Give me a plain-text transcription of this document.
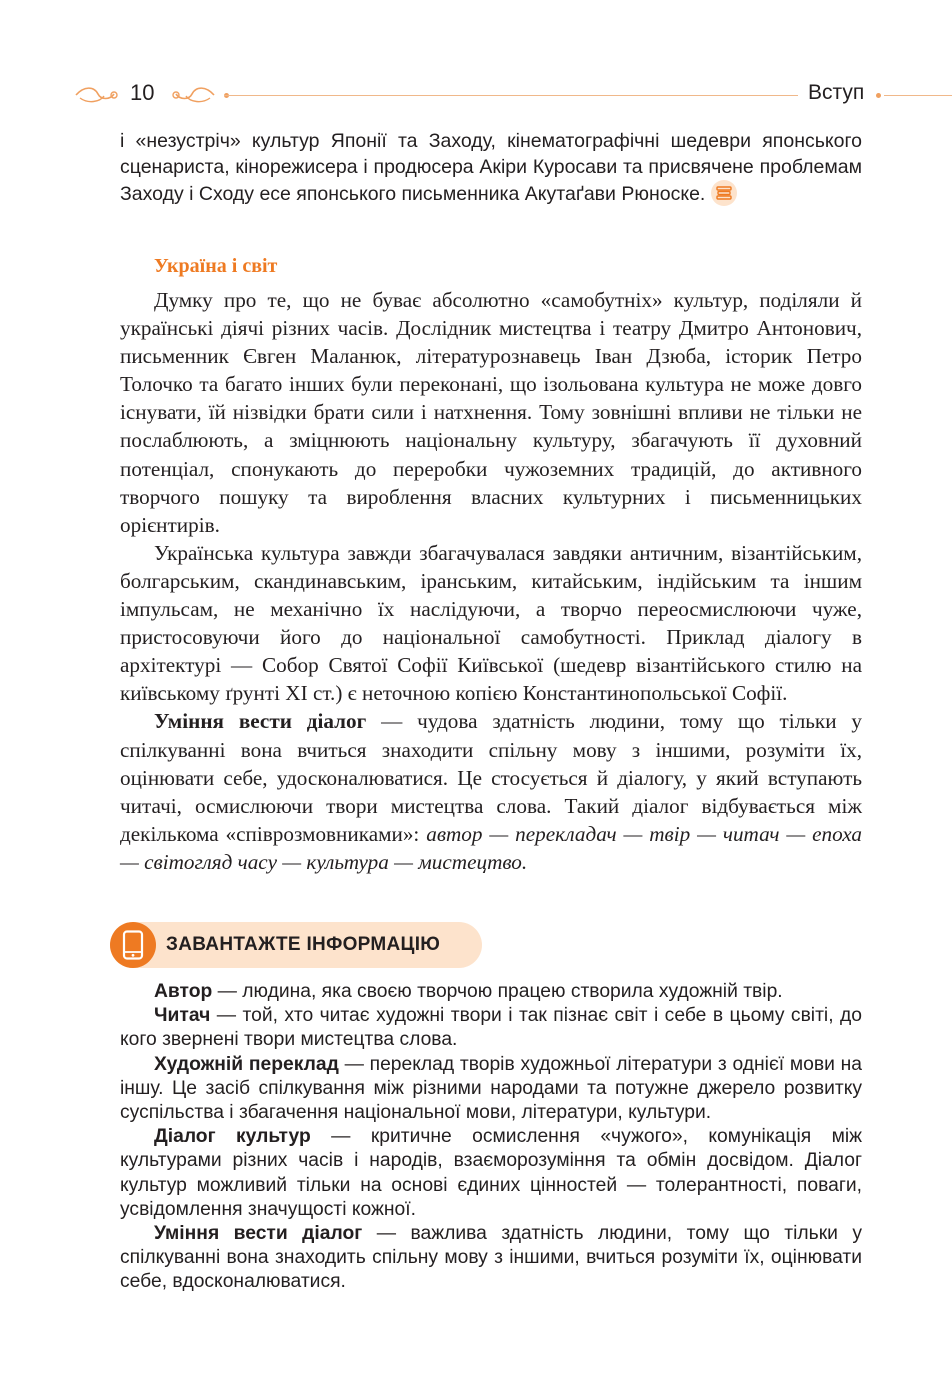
10	Вступ

і «незустріч» культур Японії та Заходу, кінематографічні шедеври японського сценариста, кінорежисера і продюсера Акіри Куросави та присвячене проблемам Заходу і Сходу есе японського письменника Акутаґави Рюноске.

Україна і світ

Думку про те, що не буває абсолютно «самобутніх» культур, поділяли й українські діячі різних часів. Дослідник мистецтва і театру Дмитро Антонович, письменник Євген Маланюк, літературознавець Іван Дзюба, історик Петро Толочко та багато інших були переконані, що ізольована культура не може довго існувати, їй нізвідки брати сили і натхнення. Тому зовнішні впливи не тільки не послаблюють, а зміцнюють національну культуру, збагачують її духовний потенціал, спонукають до переробки чужоземних традицій, до активного творчого пошуку та вироблення власних культурних і письменницьких орієнтирів.

Українська культура завжди збагачувалася завдяки античним, візантійським, болгарським, скандинавським, іранським, китайським, індійським та іншим імпульсам, не механічно їх наслідуючи, а творчо переосмислюючи чуже, пристосовуючи його до національної самобутності. Приклад діалогу в архітектурі — Собор Святої Софії Київської (шедевр візантійського стилю на київському ґрунті XI ст.) є неточною копією Константинопольської Софії.

Уміння вести діалог — чудова здатність людини, тому що тільки у спілкуванні вона вчиться знаходити спільну мову з іншими, розуміти їх, оцінювати себе, удосконалюватися. Це стосується й діалогу, у який вступають читачі, осмислюючи твори мистецтва слова. Такий діалог відбувається між декількома «співрозмовниками»: автор — перекладач — твір — читач — епоха — світогляд часу — культура — мистецтво.

ЗАВАНТАЖТЕ ІНФОРМАЦІЮ

Автор — людина, яка своєю творчою працею створила художній твір.

Читач — той, хто читає художні твори і так пізнає світ і себе в цьому світі, до кого звернені твори мистецтва слова.

Художній переклад — переклад творів художньої літератури з однієї мови на іншу. Це засіб спілкування між різними народами та потужне джерело розвитку суспільства і збагачення національної мови, літератури, культури.

Діалог культур — критичне осмислення «чужого», комунікація між культурами різних часів і народів, взаєморозуміння та обмін досвідом. Діалог культур можливий тільки на основі єдиних цінностей — толерантності, поваги, усвідомлення значущості кожної.

Уміння вести діалог — важлива здатність людини, тому що тільки у спілкуванні вона знаходить спільну мову з іншими, вчиться розуміти їх, оцінювати себе, вдосконалюватися.
